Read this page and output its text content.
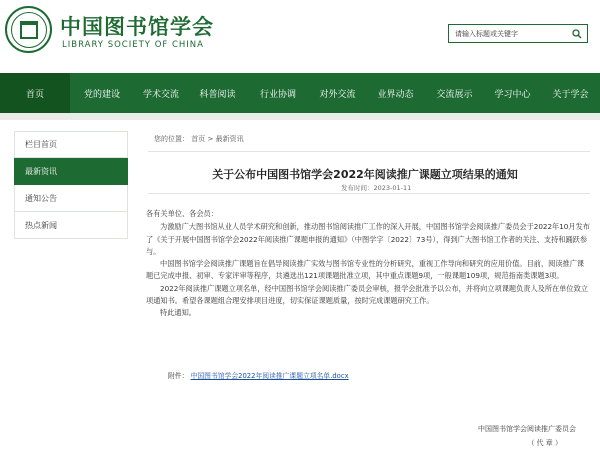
中国图书馆学会
LIBRARY SOCIETY OF CHINA
请输入标题或关键字
首页	党的建设	学术交流	科普阅读	行业协调	对外交流	业界动态	交流展示	学习中心	关于学会
栏目首页
最新资讯
通知公告
热点新闻
您的位置： 首页 > 最新资讯
关于公布中国图书馆学会2022年阅读推广课题立项结果的通知
发布时间：2023-01-11

各有关单位、各会员：

为激励广大图书馆从业人员学术研究和创新，推动图书馆阅读推广工作的深入开展，中国图书馆学会阅读推广委员会于2022年10月发布了《关于开展中国图书馆学会2022年阅读推广课题申报的通知》（中图学字〔2022〕73号），得到广大图书馆工作者的关注、支持和踊跃参与。

中国图书馆学会阅读推广课题旨在倡导阅读推广实效与图书馆专业性的分析研究，重视工作导向和研究的应用价值。目前，阅读推广课题已完成申报、初审、专家评审等程序，共遴选出121项课题批准立项，其中重点课题9项，一般课题109项，规范指南类课题3项。

2022年阅读推广课题立项名单，经中国图书馆学会阅读推广委员会审核，报学会批准予以公布，并将向立项课题负责人及所在单位致立项通知书。希望各课题组合理安排项目进度，切实保证课题质量，按时完成课题研究工作。

特此通知。

附件： 中国图书馆学会2022年阅读推广课题立项名单.docx
中国图书馆学会阅读推广委员会
（ 代 章 ）
